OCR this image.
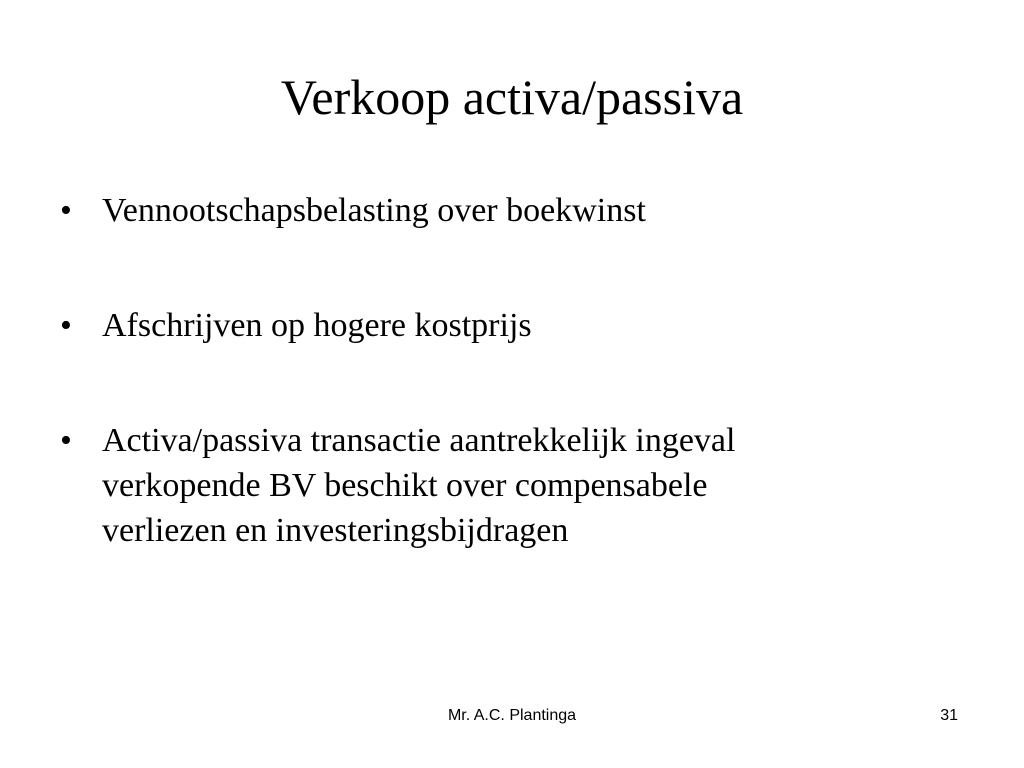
Verkoop activa/passiva
• Vennootschapsbelasting over boekwinst
• Afschrijven op hogere kostprijs
• Activa/passiva transactie aantrekkelijk ingeval
verkopende BV beschikt over compensabele
verliezen en investeringsbijdragen
Mr. A.C. Plantinga	31
